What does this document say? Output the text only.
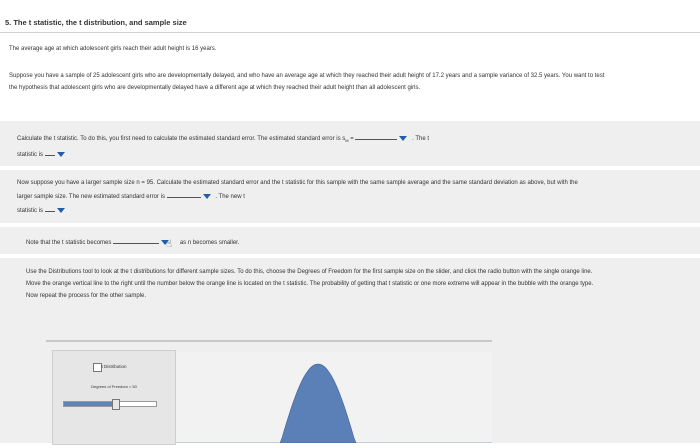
5. The t statistic, the t distribution, and sample size
The average age at which adolescent girls reach their adult height is 16 years.
Suppose you have a sample of 25 adolescent girls who are developmentally delayed, and who have an average age at which they reached their adult height of 17.2 years and a sample variance of 32.5 years. You want to test the hypothesis that adolescent girls who are developmentally delayed have a different age at which they reached their adult height than all adolescent girls.
Calculate the t statistic. To do this, you first need to calculate the estimated standard error. The estimated standard error is $s_M$ =	. The t
statistic is
Now suppose you have a larger sample size n = 95. Calculate the estimated standard error and the t statistic for this sample with the same sample average and the same standard deviation as above, but with the larger sample size. The new estimated standard error is	. The new t
statistic is
Note that the t statistic becomes	☝ as n becomes smaller.
Use the Distributions tool to look at the t distributions for different sample sizes. To do this, choose the Degrees of Freedom for the first sample size on the slider, and click the radio button with the single orange line. Move the orange vertical line to the right until the number below the orange line is located on the t statistic. The probability of getting that t statistic or one more extreme will appear in the bubble with the orange type. Now repeat the process for the other sample.
t Distribution
Degrees of Freedom = 50
